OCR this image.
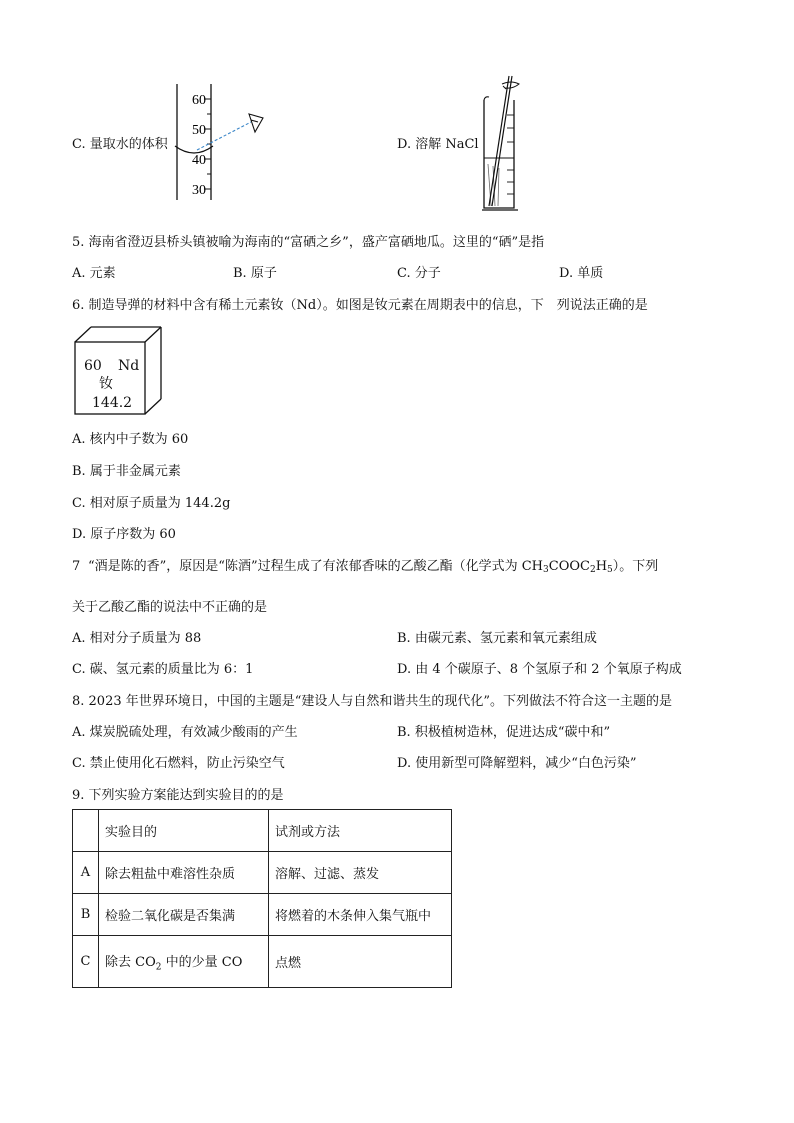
C. 量取水的体积
60
50
40
30
D. 溶解 NaCl
5. 海南省澄迈县桥头镇被喻为海南的“富硒之乡”，盛产富硒地瓜。这里的“硒”是指
A. 元素	B. 原子	C. 分子	D. 单质
6. 制造导弹的材料中含有稀土元素钕（Nd）。如图是钕元素在周期表中的信息，下　列说法正确的是
60 Nd
钕
144.2
A. 核内中子数为 60
B. 属于非金属元素
C. 相对原子质量为 144.2g
D. 原子序数为 60
7 “酒是陈的香”，原因是“陈酒”过程生成了有浓郁香味的乙酸乙酯（化学式为 $CH_3COOC_2H_5$）。下列
关于乙酸乙酯的说法中不正确的是
A. 相对分子质量为 88	B. 由碳元素、氢元素和氧元素组成
C. 碳、氢元素的质量比为 6：1	D. 由 4 个碳原子、8 个氢原子和 2 个氧原子构成
8. 2023 年世界环境日，中国的主题是“建设人与自然和谐共生的现代化”。下列做法不符合这一主题的是
A. 煤炭脱硫处理，有效减少酸雨的产生	B. 积极植树造林，促进达成“碳中和”
C. 禁止使用化石燃料，防止污染空气	D. 使用新型可降解塑料，减少“白色污染”
9. 下列实验方案能达到实验目的的是
	实验目的	试剂或方法
A	除去粗盐中难溶性杂质	溶解、过滤、蒸发
B	检验二氧化碳是否集满	将燃着的木条伸入集气瓶中
C	除去 $CO_2$ 中的少量 CO	点燃
